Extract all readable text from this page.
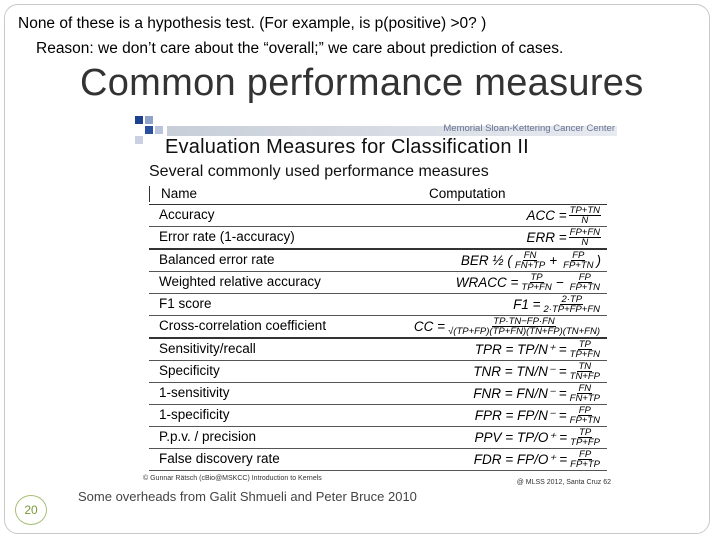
None of these is a hypothesis test. (For example, is p(positive) >0? )
Reason: we don’t care about the “overall;” we care about prediction of cases.
Common performance measures
Memorial Sloan-Kettering Cancer Center
Evaluation Measures for Classification II
Several commonly used performance measures
Name	Computation
Accuracy	ACC = $\frac{TP+TN}{N}$
Error rate (1-accuracy)	ERR = $\frac{FP+FN}{N}$
Balanced error rate	BER ½ ( $\frac{FN}{FN+TP} + \frac{FP}{FP+TN}$ )
Weighted relative accuracy	WRACC = $\frac{TP}{TP+FN} - \frac{FP}{FP+TN}$
F1 score	$F1 = \frac{2\cdot TP}{2\cdot TP+FP+FN}$
Cross-correlation coefficient	CC = $\frac{TP\cdot TN-FP\cdot FN}{√(TP+FP)(TP+FN)(TN+FP)(TN+FN)}$
Sensitivity/recall	TPR = $TP/N^+ = \frac{TP}{TP+FN}$
Specificity	TNR = $TN/N^- = \frac{TN}{TN+FP}$
1-sensitivity	FNR = $FN/N^- = \frac{FN}{FN+TP}$
1-specificity	FPR = $FP/N^- = \frac{FP}{FP+TN}$
P.p.v. / precision	PPV = $TP/O^+ = \frac{TP}{TP+FP}$
False discovery rate	FDR = $FP/O^+ = \frac{FP}{FP+TP}$
© Gunnar Rätsch (cBio@MSKCC) Introduction to Kernels
@ MLSS 2012, Santa Cruz 62
20
Some overheads from Galit Shmueli and Peter Bruce 2010
